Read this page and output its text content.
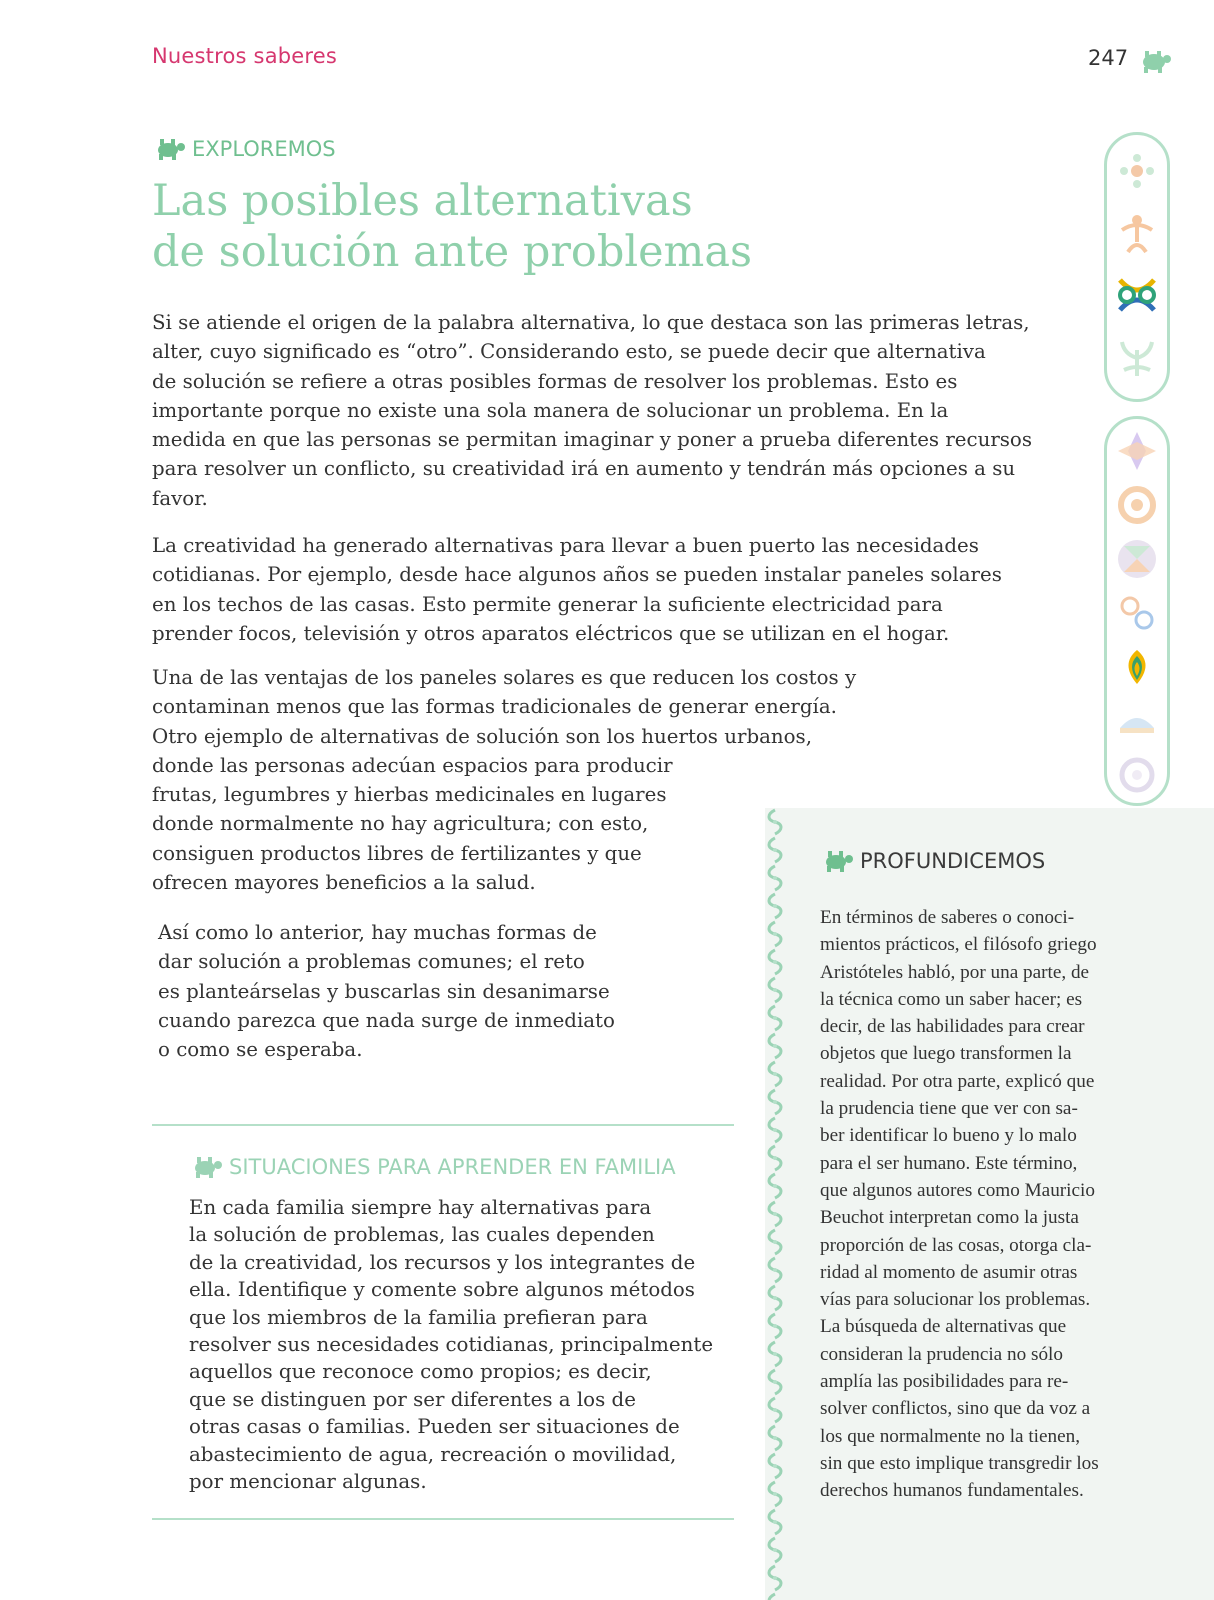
Nuestros saberes	247
EXPLOREMOS
Las posibles alternativas
de solución ante problemas

Si se atiende el origen de la palabra alternativa, lo que destaca son las primeras letras,
alter, cuyo significado es “otro”. Considerando esto, se puede decir que alternativa
de solución se refiere a otras posibles formas de resolver los problemas. Esto es
importante porque no existe una sola manera de solucionar un problema. En la
medida en que las personas se permitan imaginar y poner a prueba diferentes recursos
para resolver un conflicto, su creatividad irá en aumento y tendrán más opciones a su
favor.

La creatividad ha generado alternativas para llevar a buen puerto las necesidades
cotidianas. Por ejemplo, desde hace algunos años se pueden instalar paneles solares
en los techos de las casas. Esto permite generar la suficiente electricidad para
prender focos, televisión y otros aparatos eléctricos que se utilizan en el hogar.

Una de las ventajas de los paneles solares es que reducen los costos y
contaminan menos que las formas tradicionales de generar energía.
Otro ejemplo de alternativas de solución son los huertos urbanos,
donde las personas adecúan espacios para producir
frutas, legumbres y hierbas medicinales en lugares
donde normalmente no hay agricultura; con esto,
consiguen productos libres de fertilizantes y que
ofrecen mayores beneficios a la salud.

Así como lo anterior, hay muchas formas de
dar solución a problemas comunes; el reto
es planteárselas y buscarlas sin desanimarse
cuando parezca que nada surge de inmediato
o como se esperaba.

SITUACIONES PARA APRENDER EN FAMILIA

En cada familia siempre hay alternativas para
la solución de problemas, las cuales dependen
de la creatividad, los recursos y los integrantes de
ella. Identifique y comente sobre algunos métodos
que los miembros de la familia prefieran para
resolver sus necesidades cotidianas, principalmente
aquellos que reconoce como propios; es decir,
que se distinguen por ser diferentes a los de
otras casas o familias. Pueden ser situaciones de
abastecimiento de agua, recreación o movilidad,
por mencionar algunas.

PROFUNDICEMOS

En términos de saberes o conoci-
mientos prácticos, el filósofo griego
Aristóteles habló, por una parte, de
la técnica como un saber hacer; es
decir, de las habilidades para crear
objetos que luego transformen la
realidad. Por otra parte, explicó que
la prudencia tiene que ver con sa-
ber identificar lo bueno y lo malo
para el ser humano. Este término,
que algunos autores como Mauricio
Beuchot interpretan como la justa
proporción de las cosas, otorga cla-
ridad al momento de asumir otras
vías para solucionar los problemas.
La búsqueda de alternativas que
consideran la prudencia no sólo
amplía las posibilidades para re-
solver conflictos, sino que da voz a
los que normalmente no la tienen,
sin que esto implique transgredir los
derechos humanos fundamentales.
